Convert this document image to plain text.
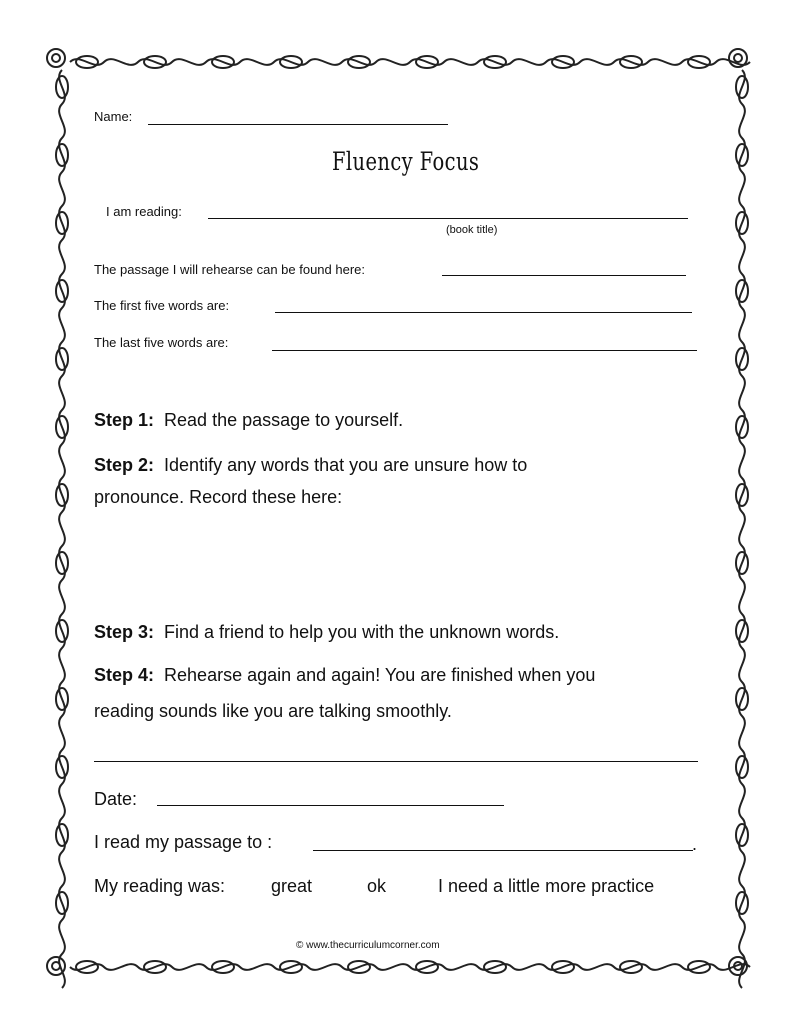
Name:
Fluency Focus
I am reading:
(book title)
The passage I will rehearse can be found here:
The first five words are:
The last five words are:
Step 1: Read the passage to yourself.
Step 2: Identify any words that you are unsure how to
pronounce. Record these here:
Step 3: Find a friend to help you with the unknown words.
Step 4: Rehearse again and again! You are finished when you
reading sounds like you are talking smoothly.
Date:
I read my passage to :	.
My reading was:	great	ok	I need a little more practice
© www.thecurriculumcorner.com
